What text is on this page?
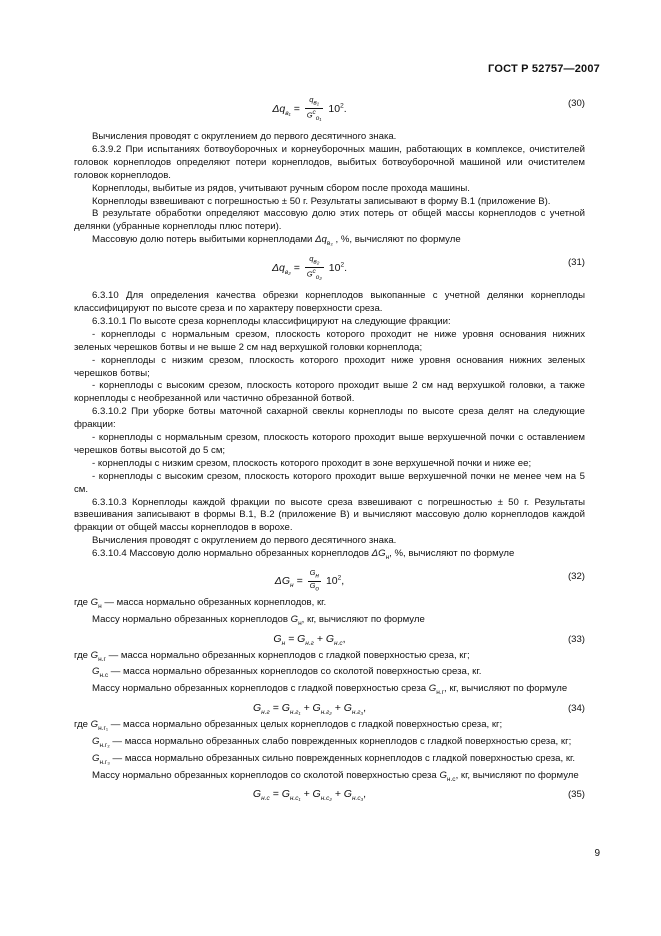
ГОСТ Р 52757—2007
$\Delta q_{в_1} = \frac{q_{в_1}}{G^с_{о_1}} 10^2$.	(30)

Вычисления проводят с округлением до первого десятичного знака.

6.3.9.2 При испытаниях ботвоуборочных и корнеуборочных машин, работающих в комплексе, очистителей головок корнеплодов определяют потери корнеплодов, выбитых ботвоуборочной машиной или очистителем головок корнеплодов.

Корнеплоды, выбитые из рядов, учитывают ручным сбором после прохода машины.

Корнеплоды взвешивают с погрешностью ± 50 г. Результаты записывают в форму В.1 (приложение В).

В результате обработки определяют массовую долю этих потерь от общей массы корнеплодов с учетной делянки (убранные корнеплоды плюс потери).

Массовую долю потерь выбитыми корнеплодами $\Delta q_{в_2}$ , %, вычисляют по формуле

$\Delta q_{в_2} = \frac{q_{в_2}}{G^с_{о_2}} 10^2$.	(31)

6.3.10 Для определения качества обрезки корнеплодов выкопанные с учетной делянки корнеплоды классифицируют по высоте среза и по характеру поверхности среза.

6.3.10.1 По высоте среза корнеплоды классифицируют на следующие фракции:

- корнеплоды с нормальным срезом, плоскость которого проходит не ниже уровня основания нижних зеленых черешков ботвы и не выше 2 см над верхушкой головки корнеплода;

- корнеплоды с низким срезом, плоскость которого проходит ниже уровня основания нижних зеленых черешков ботвы;

- корнеплоды с высоким срезом, плоскость которого проходит выше 2 см над верхушкой головки, а также корнеплоды с необрезанной или частично обрезанной ботвой.

6.3.10.2 При уборке ботвы маточной сахарной свеклы корнеплоды по высоте среза делят на следующие фракции:

- корнеплоды с нормальным срезом, плоскость которого проходит выше верхушечной почки с оставлением черешков ботвы высотой до 5 см;

- корнеплоды с низким срезом, плоскость которого проходит в зоне верхушечной почки и ниже ее;

- корнеплоды с высоким срезом, плоскость которого проходит выше верхушечной почки не менее чем на 5 см.

6.3.10.3 Корнеплоды каждой фракции по высоте среза взвешивают с погрешностью ± 50 г. Результаты взвешивания записывают в формы В.1, В.2 (приложение В) и вычисляют массовую долю корнеплодов каждой фракции от общей массы корнеплодов в ворохе.

Вычисления проводят с округлением до первого десятичного знака.

6.3.10.4 Массовую долю нормально обрезанных корнеплодов $\Delta G_н$, %, вычисляют по формуле

$\Delta G_н = \frac{G_н}{G_о} 10^2$,	(32)

где $G_н$ — масса нормально обрезанных корнеплодов, кг.

Массу нормально обрезанных корнеплодов $G_н$, кг, вычисляют по формуле

$G_н = G_{н.г} + G_{н.с}$,	(33)

где $G_{н.г}$ — масса нормально обрезанных корнеплодов с гладкой поверхностью среза, кг;

$G_{н.с}$ — масса нормально обрезанных корнеплодов со сколотой поверхностью среза, кг.

Массу нормально обрезанных корнеплодов с гладкой поверхностью среза $G_{н.г}$, кг, вычисляют по формуле

$G_{н.г} = G_{н.г_1} + G_{н.г_2} + G_{н.г_3}$,	(34)

где $G_{н.г_1}$ — масса нормально обрезанных целых корнеплодов с гладкой поверхностью среза, кг;

$G_{н.г_2}$ — масса нормально обрезанных слабо поврежденных корнеплодов с гладкой поверхностью среза, кг;

$G_{н.г_3}$ — масса нормально обрезанных сильно поврежденных корнеплодов с гладкой поверхностью среза, кг.

Массу нормально обрезанных корнеплодов со сколотой поверхностью среза $G_{н.с}$, кг, вычисляют по формуле

$G_{н.с} = G_{н.с_1} + G_{н.с_2} + G_{н.с_3}$,	(35)
9
